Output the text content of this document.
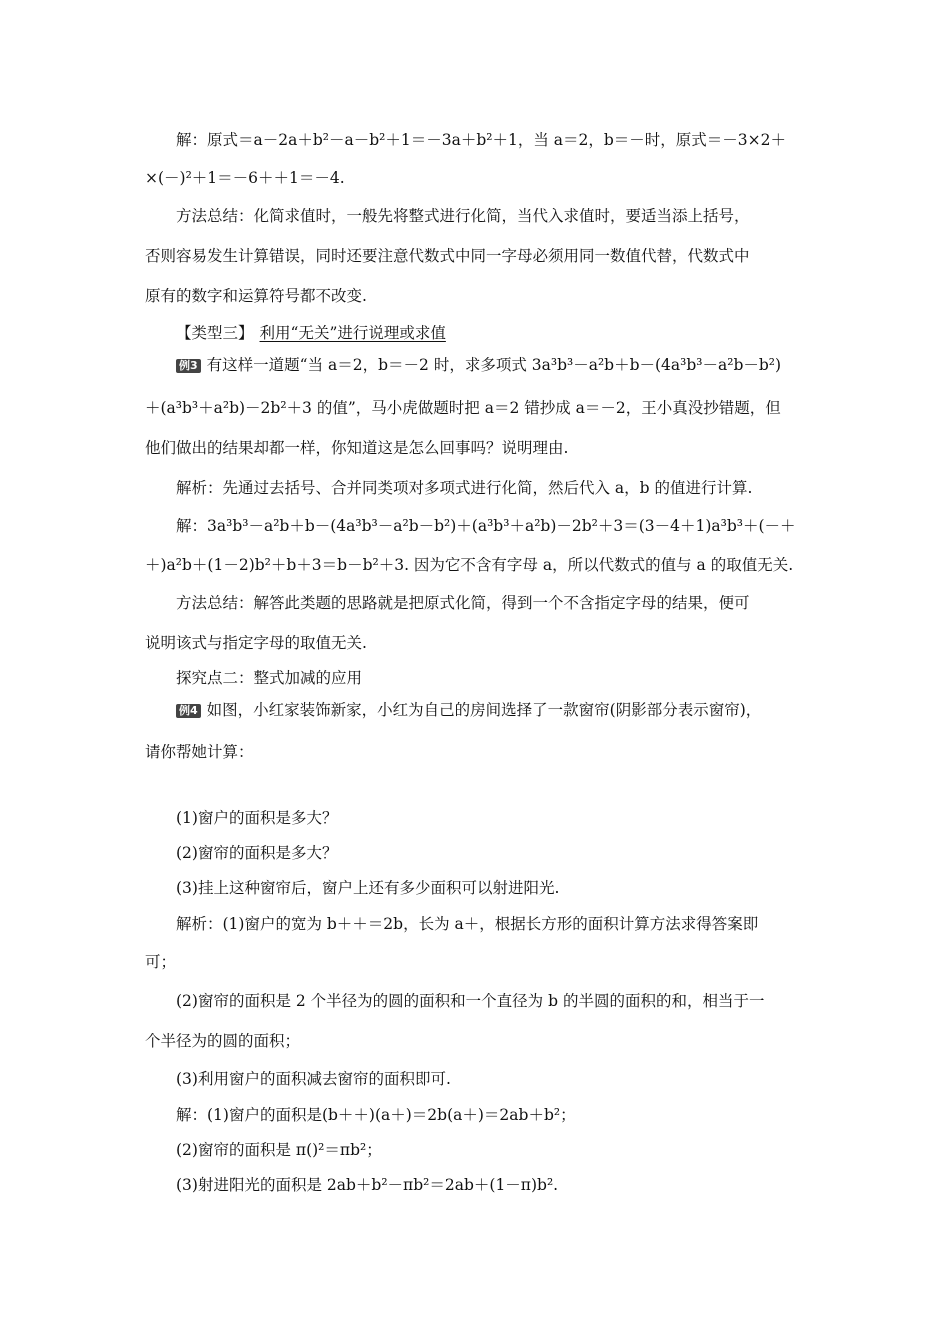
解：原式＝a－2a＋b²－a－b²＋1＝－3a＋b²＋1，当 a＝2，b＝－时，原式＝－3×2＋
×(－)²＋1＝－6＋＋1＝－4.
方法总结：化简求值时，一般先将整式进行化简，当代入求值时，要适当添上括号，
否则容易发生计算错误，同时还要注意代数式中同一字母必须用同一数值代替，代数式中
原有的数字和运算符号都不改变.
【类型三】 利用“无关”进行说理或求值
例3 有这样一道题“当 a＝2，b＝－2 时，求多项式 3a³b³－a²b＋b－(4a³b³－a²b－b²)
＋(a³b³＋a²b)－2b²＋3 的值”，马小虎做题时把 a＝2 错抄成 a＝－2，王小真没抄错题，但
他们做出的结果却都一样，你知道这是怎么回事吗？说明理由.
解析：先通过去括号、合并同类项对多项式进行化简，然后代入 a，b 的值进行计算.
解：3a³b³－a²b＋b－(4a³b³－a²b－b²)＋(a³b³＋a²b)－2b²＋3＝(3－4＋1)a³b³＋(－＋
＋)a²b＋(1－2)b²＋b＋3＝b－b²＋3. 因为它不含有字母 a，所以代数式的值与 a 的取值无关.
方法总结：解答此类题的思路就是把原式化简，得到一个不含指定字母的结果，便可
说明该式与指定字母的取值无关.
探究点二：整式加减的应用
例4 如图，小红家装饰新家，小红为自己的房间选择了一款窗帘(阴影部分表示窗帘)，
请你帮她计算：
(1)窗户的面积是多大？
(2)窗帘的面积是多大？
(3)挂上这种窗帘后，窗户上还有多少面积可以射进阳光.
解析：(1)窗户的宽为 b＋＋＝2b，长为 a＋，根据长方形的面积计算方法求得答案即
可；
(2)窗帘的面积是 2 个半径为的圆的面积和一个直径为 b 的半圆的面积的和，相当于一
个半径为的圆的面积；
(3)利用窗户的面积减去窗帘的面积即可.
解：(1)窗户的面积是(b＋＋)(a＋)＝2b(a＋)＝2ab＋b²；
(2)窗帘的面积是 π()²＝πb²；
(3)射进阳光的面积是 2ab＋b²－πb²＝2ab＋(1－π)b².
